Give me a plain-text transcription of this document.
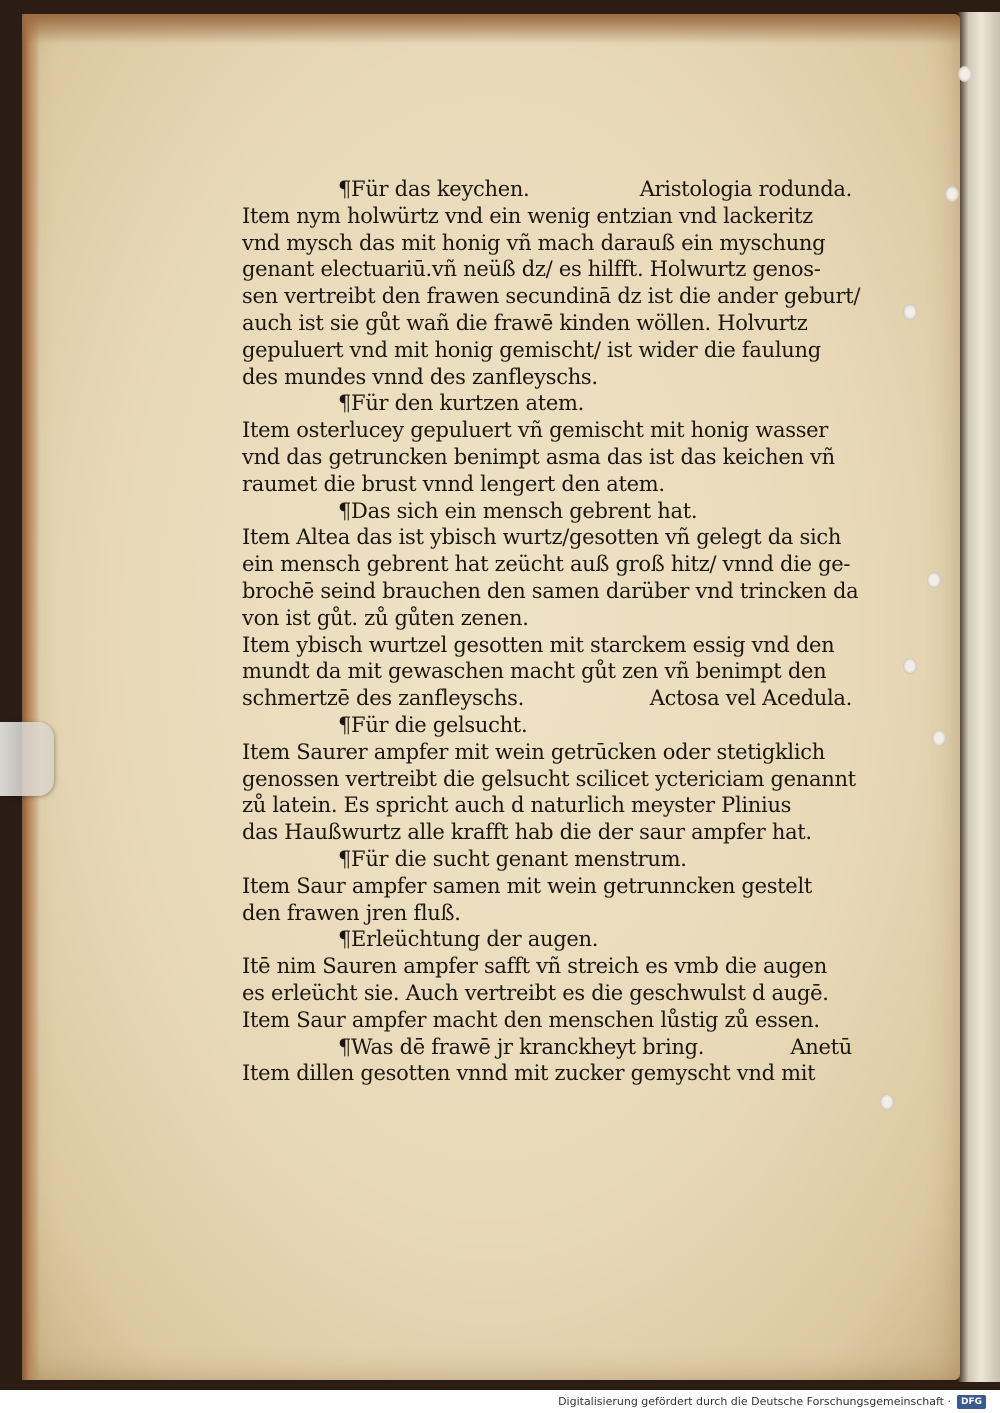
¶Für das keychen.	Aristologia rodunda.
Item nym holwürtz vnd ein wenig entzian vnd lackeritz
vnd mysch das mit honig vñ mach darauß ein myschung
genant electuariū.vñ neüß dz/ es hilfft. Holwurtz genos-
sen vertreibt den frawen secundinā dz ist die ander geburt/
auch ist sie gůt wañ die frawē kinden wöllen. Holvurtz
gepuluert vnd mit honig gemischt/ ist wider die faulung
des mundes vnnd des zanfleyschs.
¶Für den kurtzen atem.
Item osterlucey gepuluert vñ gemischt mit honig wasser
vnd das getruncken benimpt asma das ist das keichen vñ
raumet die brust vnnd lengert den atem.
¶Das sich ein mensch gebrent hat.
Item Altea das ist ybisch wurtz/gesotten vñ gelegt da sich
ein mensch gebrent hat zeücht auß groß hitz/ vnnd die ge-
brochē seind brauchen den samen darüber vnd trincken da
von ist gůt. zů gůten zenen.
Item ybisch wurtzel gesotten mit starckem essig vnd den
mundt da mit gewaschen macht gůt zen vñ benimpt den
schmertzē des zanfleyschs.	Actosa vel Acedula.
¶Für die gelsucht.
Item Saurer ampfer mit wein getrūcken oder stetigklich
genossen vertreibt die gelsucht scilicet yctericiam genannt
zů latein. Es spricht auch d naturlich meyster Plinius
das Haußwurtz alle krafft hab die der saur ampfer hat.
¶Für die sucht genant menstrum.
Item Saur ampfer samen mit wein getrunncken gestelt
den frawen jren fluß.
¶Erleüchtung der augen.
Itē nim Sauren ampfer safft vñ streich es vmb die augen
es erleücht sie. Auch vertreibt es die geschwulst d augē.
Item Saur ampfer macht den menschen lůstig zů essen.
¶Was dē frawē jr kranckheyt bring.	Anetū
Item dillen gesotten vnnd mit zucker gemyscht vnd mit
Digitalisierung gefördert durch die Deutsche Forschungsgemeinschaft ·	DFG
